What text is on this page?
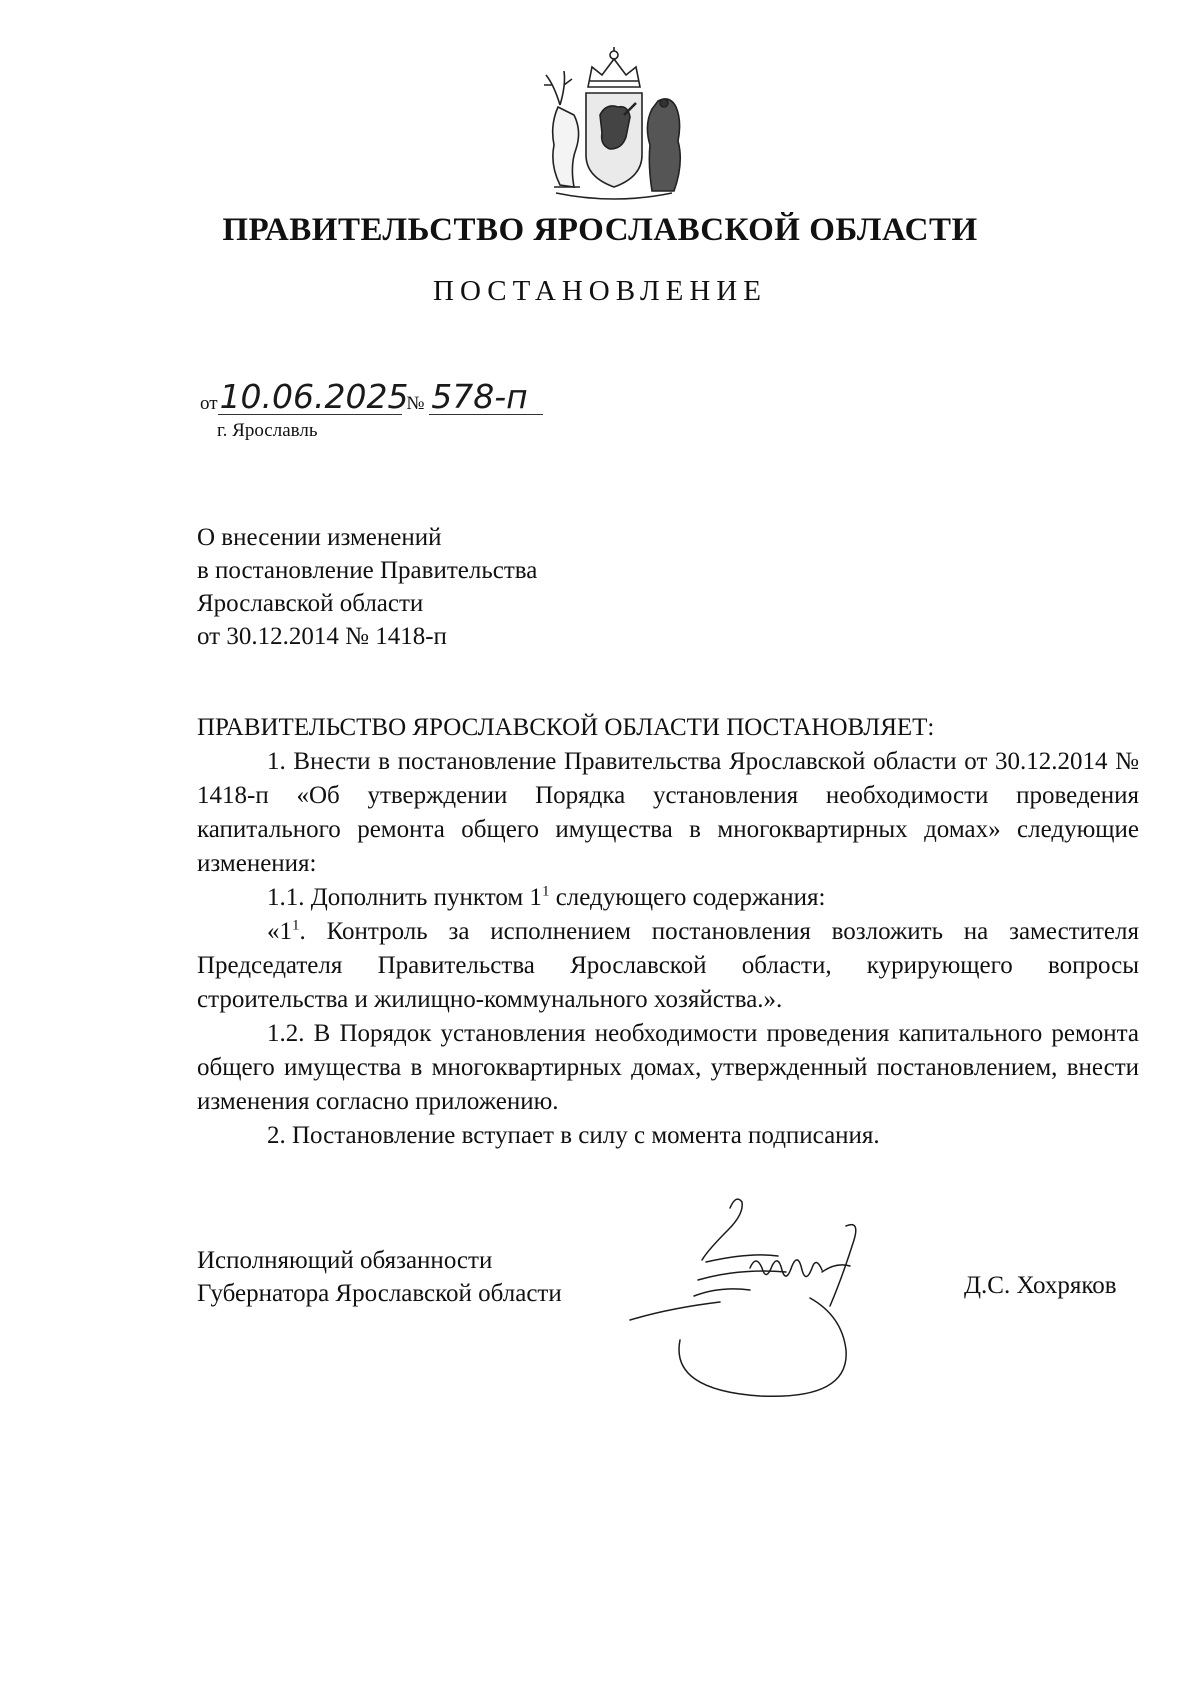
ПРАВИТЕЛЬСТВО ЯРОСЛАВСКОЙ ОБЛАСТИ
ПОСТАНОВЛЕНИЕ
от10.06.2025 № 578-п
г. Ярославль
О внесении изменений
в постановление Правительства
Ярославской области
от 30.12.2014 № 1418-п
ПРАВИТЕЛЬСТВО ЯРОСЛАВСКОЙ ОБЛАСТИ ПОСТАНОВЛЯЕТ:

1. Внести в постановление Правительства Ярославской области от 30.12.2014 № 1418-п «Об утверждении Порядка установления необходимости проведения капитального ремонта общего имущества в многоквартирных домах» следующие изменения:

1.1. Дополнить пунктом $1^1$ следующего содержания:

«$1^1$. Контроль за исполнением постановления возложить на заместителя Председателя Правительства Ярославской области, курирующего вопросы строительства и жилищно-коммунального хозяйства.».

1.2. В Порядок установления необходимости проведения капитального ремонта общего имущества в многоквартирных домах, утвержденный постановлением, внести изменения согласно приложению.

2. Постановление вступает в силу с момента подписания.

Исполняющий обязанности
Губернатора Ярославской области	Д.С. Хохряков
